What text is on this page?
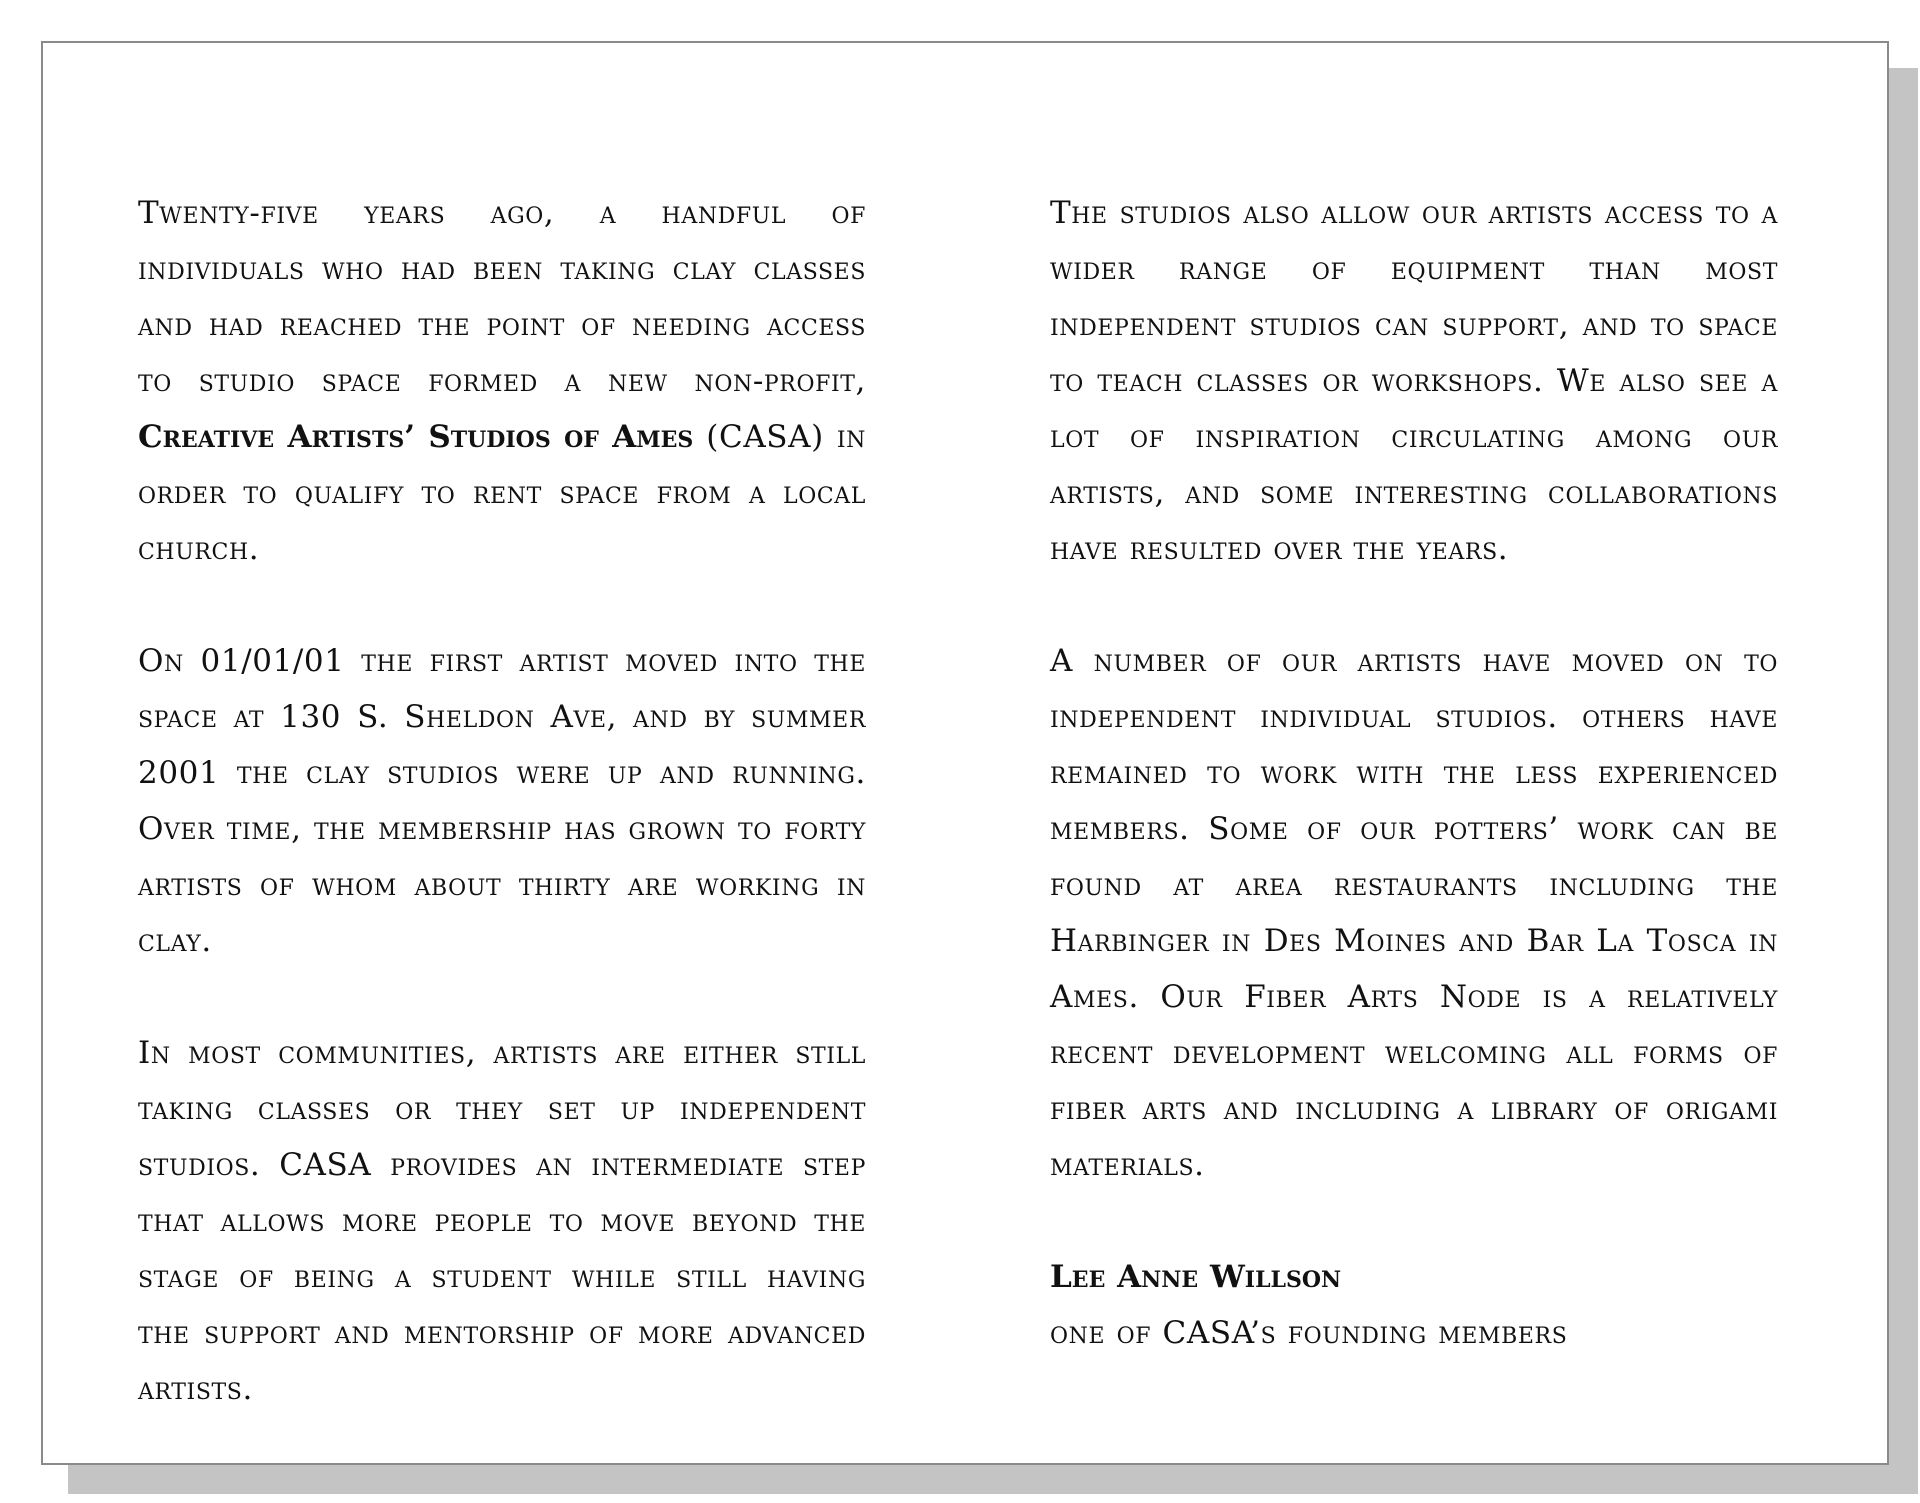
Twenty-five years ago, a handful of individuals who had been taking clay classes and had reached the point of needing access to studio space formed a new non-profit, Creative Artists’ Studios of Ames (CASA) in order to qualify to rent space from a local church.

On 01/01/01 the first artist moved into the space at 130 S. Sheldon Ave, and by summer 2001 the clay studios were up and running. Over time, the membership has grown to forty artists of whom about thirty are working in clay.

In most communities, artists are either still taking classes or they set up independent studios. CASA provides an intermediate step that allows more people to move beyond the stage of being a student while still having the support and mentorship of more advanced artists.

The studios also allow our artists access to a wider range of equipment than most independent studios can support, and to space to teach classes or workshops. We also see a lot of inspiration circulating among our artists, and some interesting collaborations have resulted over the years.

A number of our artists have moved on to independent individual studios. others have remained to work with the less experienced members. Some of our potters’ work can be found at area restaurants including the Harbinger in Des Moines and Bar La Tosca in Ames. Our Fiber Arts Node is a relatively recent development welcoming all forms of fiber arts and including a library of origami materials.

Lee Anne Willson
one of CASA’s founding members
